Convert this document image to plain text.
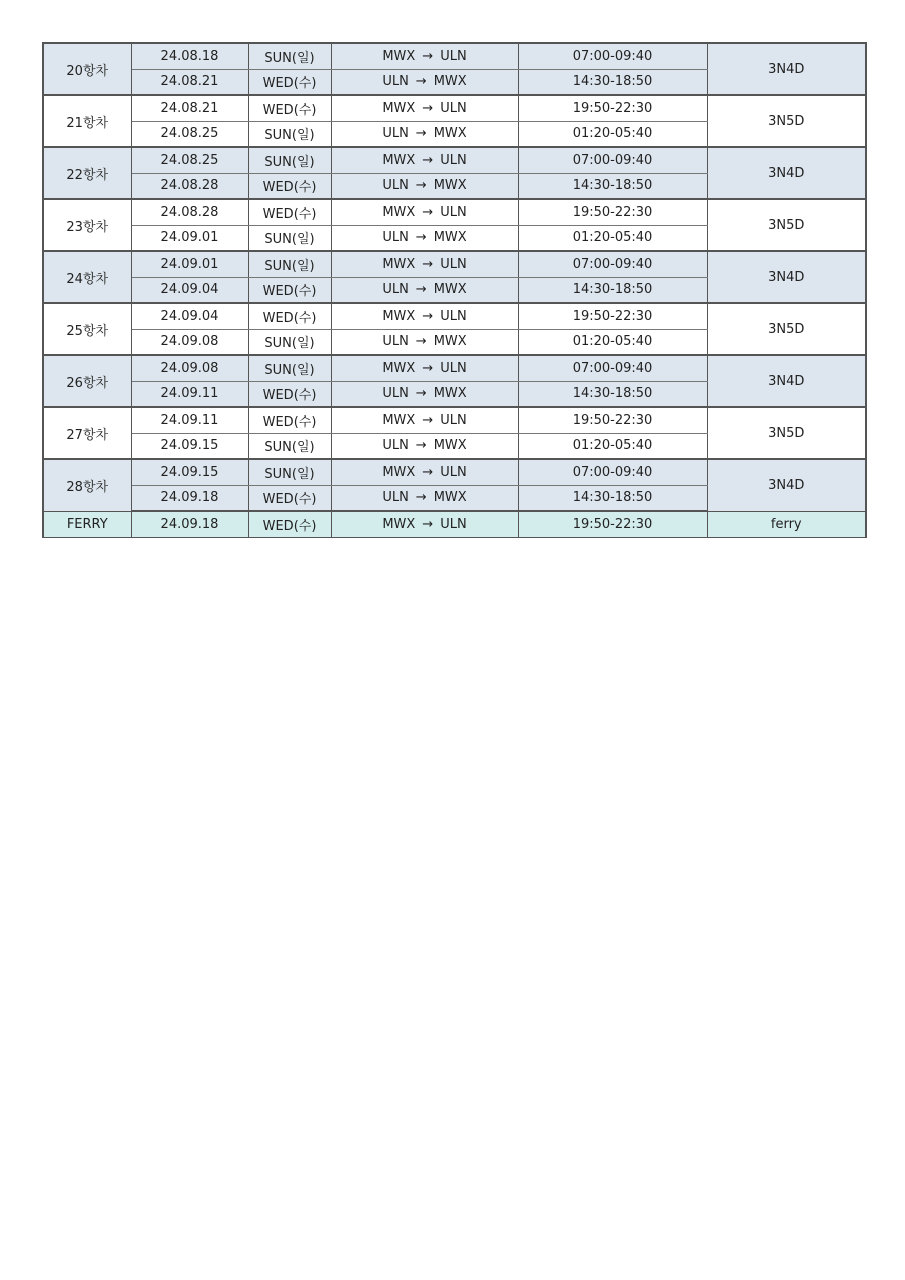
20항차	24.08.18	SUN(일)	MWX → ULN	07:00-09:40	3N4D
	24.08.21	WED(수)	ULN → MWX	14:30-18:50	
21항차	24.08.21	WED(수)	MWX → ULN	19:50-22:30	3N5D
	24.08.25	SUN(일)	ULN → MWX	01:20-05:40	
22항차	24.08.25	SUN(일)	MWX → ULN	07:00-09:40	3N4D
	24.08.28	WED(수)	ULN → MWX	14:30-18:50	
23항차	24.08.28	WED(수)	MWX → ULN	19:50-22:30	3N5D
	24.09.01	SUN(일)	ULN → MWX	01:20-05:40	
24항차	24.09.01	SUN(일)	MWX → ULN	07:00-09:40	3N4D
	24.09.04	WED(수)	ULN → MWX	14:30-18:50	
25항차	24.09.04	WED(수)	MWX → ULN	19:50-22:30	3N5D
	24.09.08	SUN(일)	ULN → MWX	01:20-05:40	
26항차	24.09.08	SUN(일)	MWX → ULN	07:00-09:40	3N4D
	24.09.11	WED(수)	ULN → MWX	14:30-18:50	
27항차	24.09.11	WED(수)	MWX → ULN	19:50-22:30	3N5D
	24.09.15	SUN(일)	ULN → MWX	01:20-05:40	
28항차	24.09.15	SUN(일)	MWX → ULN	07:00-09:40	3N4D
	24.09.18	WED(수)	ULN → MWX	14:30-18:50	
FERRY	24.09.18	WED(수)	MWX → ULN	19:50-22:30	ferry
